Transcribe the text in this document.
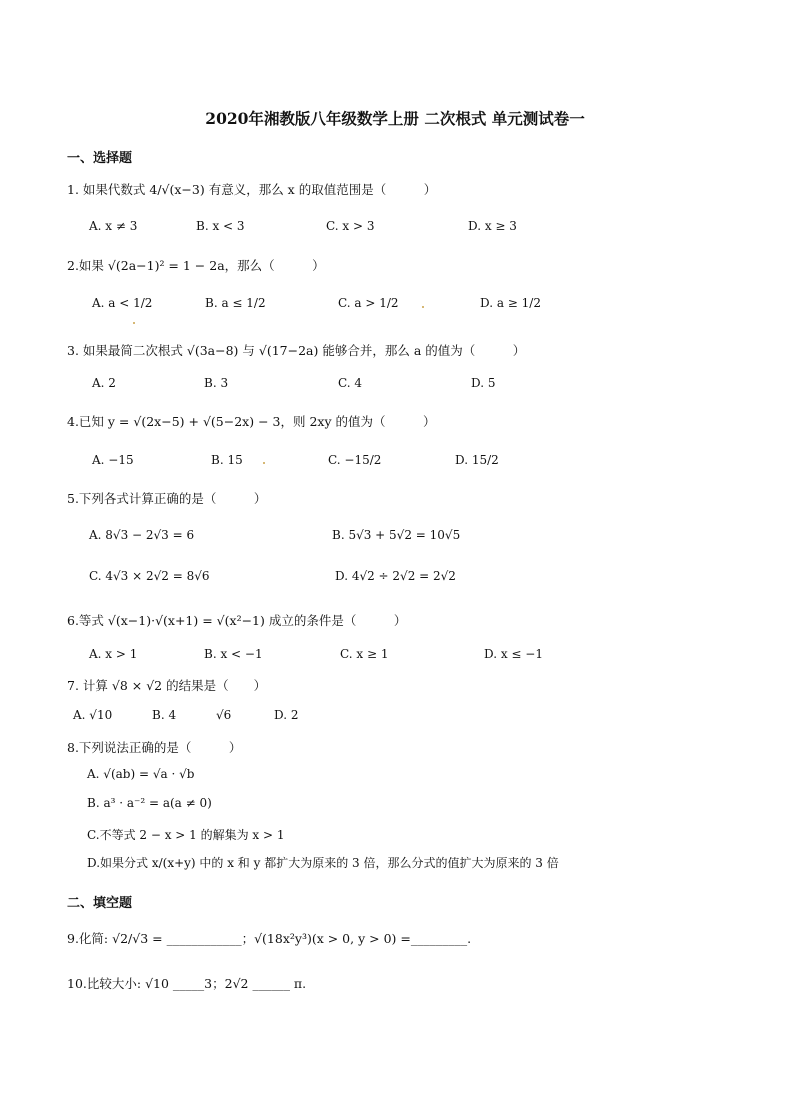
2020年湘教版八年级数学上册 二次根式 单元测试卷一
一、选择题
1. 如果代数式 4/√(x−3) 有意义，那么 x 的取值范围是（　　　）
A. x ≠ 3	B. x < 3	C. x > 3	D. x ≥ 3
2.如果 √(2a−1)² = 1 − 2a，那么（　　　）
A. a < 1/2	B. a ≤ 1/2	C. a > 1/2	D. a ≥ 1/2
3. 如果最简二次根式 √(3a−8) 与 √(17−2a) 能够合并，那么 a 的值为（　　　）
A. 2	B. 3	C. 4	D. 5
4.已知 y = √(2x−5) + √(5−2x) − 3，则 2xy 的值为（　　　）
A. −15	B. 15	C. −15/2	D. 15/2
5.下列各式计算正确的是（　　　）
A. 8√3 − 2√3 = 6	B. 5√3 + 5√2 = 10√5
C. 4√3 × 2√2 = 8√6	D. 4√2 ÷ 2√2 = 2√2
6.等式 √(x−1)·√(x+1) = √(x²−1) 成立的条件是（　　　）
A. x > 1	B. x < −1	C. x ≥ 1	D. x ≤ −1
7. 计算 √8 × √2 的结果是（　　）
A. √10	B. 4	√6	D. 2
8.下列说法正确的是（　　　）
A. √(ab) = √a · √b
B. a³ · a⁻² = a(a ≠ 0)
C.不等式 2 − x > 1 的解集为 x > 1
D.如果分式 x/(x+y) 中的 x 和 y 都扩大为原来的 3 倍，那么分式的值扩大为原来的 3 倍
二、填空题
9.化简: √2/√3 = ____________；√(18x²y³)(x > 0, y > 0) =_________.
10.比较大小: √10 _____3；2√2 ______ π.
